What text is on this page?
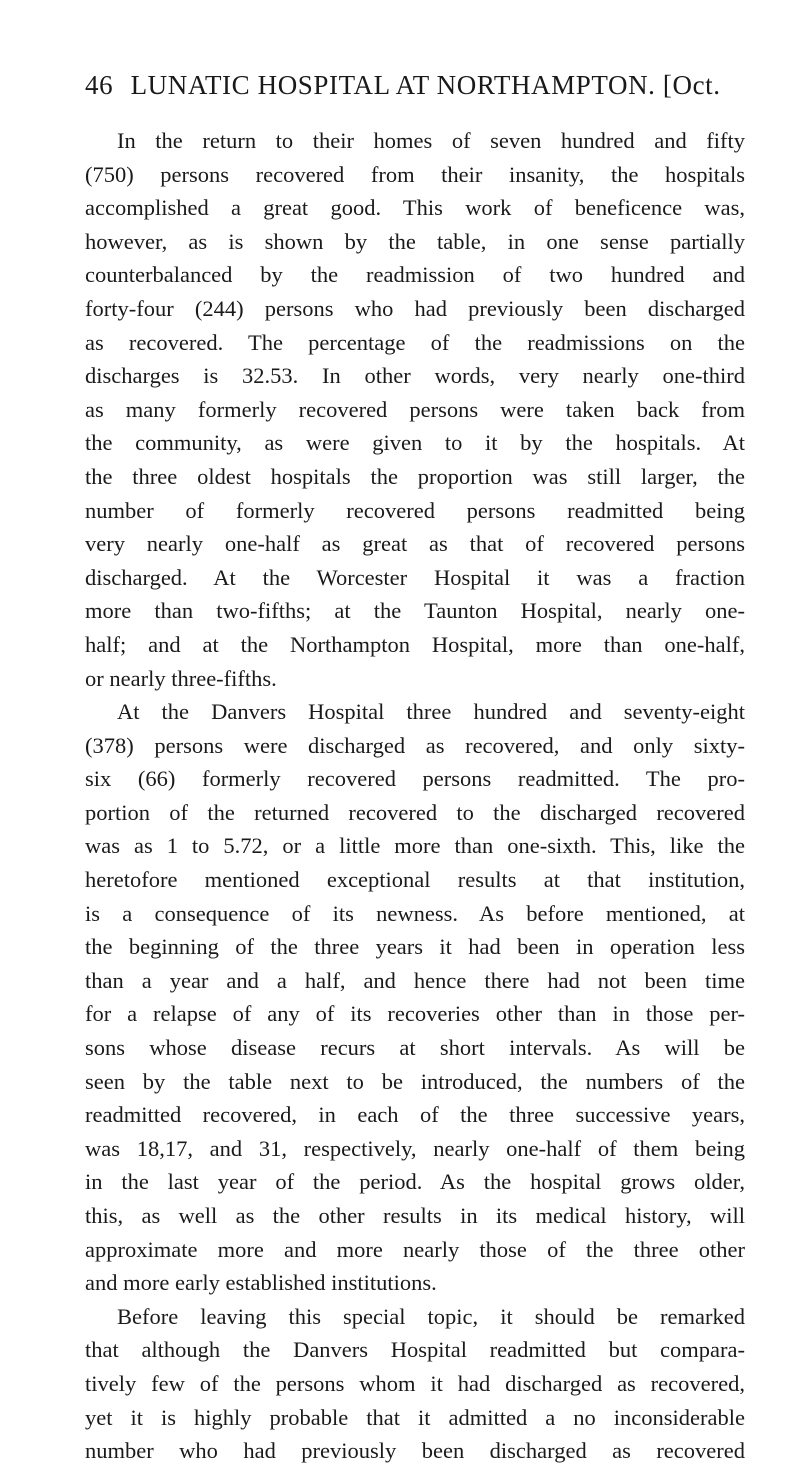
46 LUNATIC HOSPITAL AT NORTHAMPTON. [Oct.
In the return to their homes of seven hundred and fifty
(750) persons recovered from their insanity, the hospitals
accomplished a great good. This work of beneficence was,
however, as is shown by the table, in one sense partially
counterbalanced by the readmission of two hundred and
forty-four (244) persons who had previously been discharged
as recovered. The percentage of the readmissions on the
discharges is 32.53. In other words, very nearly one-third
as many formerly recovered persons were taken back from
the community, as were given to it by the hospitals. At
the three oldest hospitals the proportion was still larger, the
number of formerly recovered persons readmitted being
very nearly one-half as great as that of recovered persons
discharged. At the Worcester Hospital it was a fraction
more than two-fifths; at the Taunton Hospital, nearly one-
half; and at the Northampton Hospital, more than one-half,
or nearly three-fifths.
At the Danvers Hospital three hundred and seventy-eight
(378) persons were discharged as recovered, and only sixty-
six (66) formerly recovered persons readmitted. The pro-
portion of the returned recovered to the discharged recovered
was as 1 to 5.72, or a little more than one-sixth. This, like the
heretofore mentioned exceptional results at that institution,
is a consequence of its newness. As before mentioned, at
the beginning of the three years it had been in operation less
than a year and a half, and hence there had not been time
for a relapse of any of its recoveries other than in those per-
sons whose disease recurs at short intervals. As will be
seen by the table next to be introduced, the numbers of the
readmitted recovered, in each of the three successive years,
was 18,17, and 31, respectively, nearly one-half of them being
in the last year of the period. As the hospital grows older,
this, as well as the other results in its medical history, will
approximate more and more nearly those of the three other
and more early established institutions.
Before leaving this special topic, it should be remarked
that although the Danvers Hospital readmitted but compara-
tively few of the persons whom it had discharged as recovered,
yet it is highly probable that it admitted a no inconsiderable
number who had previously been discharged as recovered
